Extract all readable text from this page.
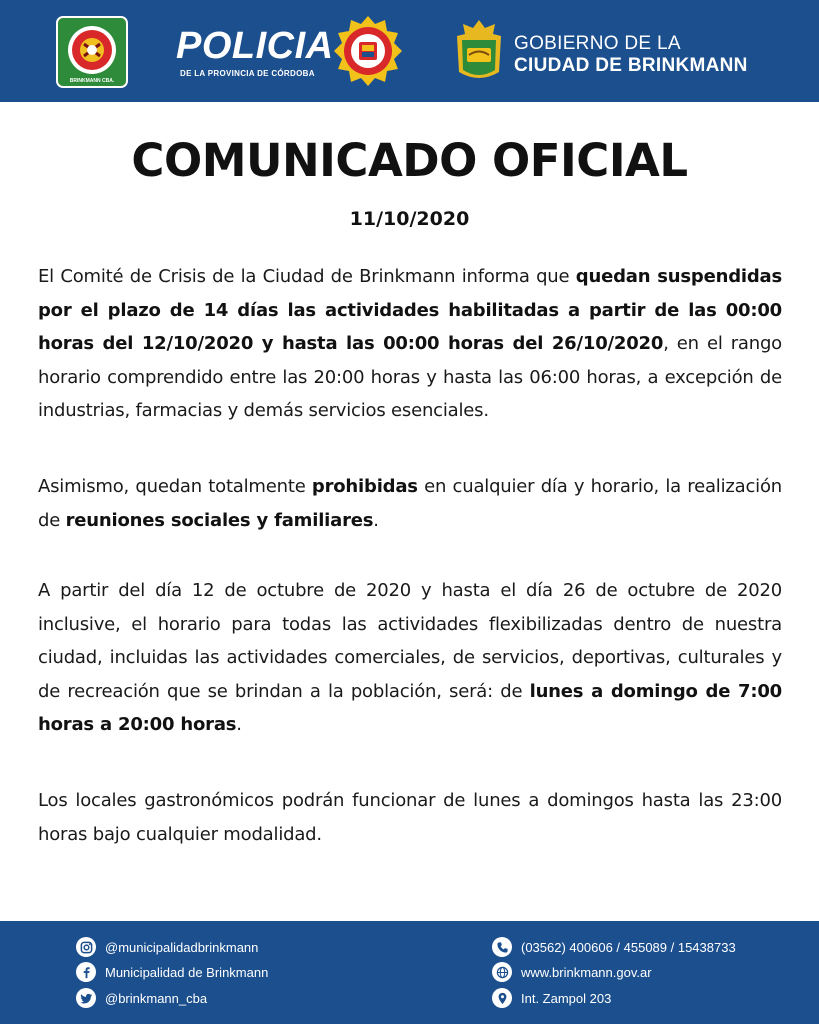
BRINKMANN CBA.
POLICIA
DE LA PROVINCIA DE CÓRDOBA
GOBIERNO DE LA
CIUDAD DE BRINKMANN
COMUNICADO OFICIAL
11/10/2020
El Comité de Crisis de la Ciudad de Brinkmann informa que quedan suspendidas por el plazo de 14 días las actividades habilitadas a partir de las 00:00 horas del 12/10/2020 y hasta las 00:00 horas del 26/10/2020, en el rango horario comprendido entre las 20:00 horas y hasta las 06:00 horas, a excepción de industrias, farmacias y demás servicios esenciales.
Asimismo, quedan totalmente prohibidas en cualquier día y horario, la realización de reuniones sociales y familiares.
A partir del día 12 de octubre de 2020 y hasta el día 26 de octubre de 2020 inclusive, el horario para todas las actividades flexibilizadas dentro de nuestra ciudad, incluidas las actividades comerciales, de servicios, deportivas, culturales y de recreación que se brindan a la población, será: de lunes a domingo de 7:00 horas a 20:00 horas.
Los locales gastronómicos podrán funcionar de lunes a domingos hasta las 23:00 horas bajo cualquier modalidad.
@municipalidadbrinkmann
Municipalidad de Brinkmann
@brinkmann_cba
(03562) 400606 / 455089 / 15438733
www.brinkmann.gov.ar
Int. Zampol 203
